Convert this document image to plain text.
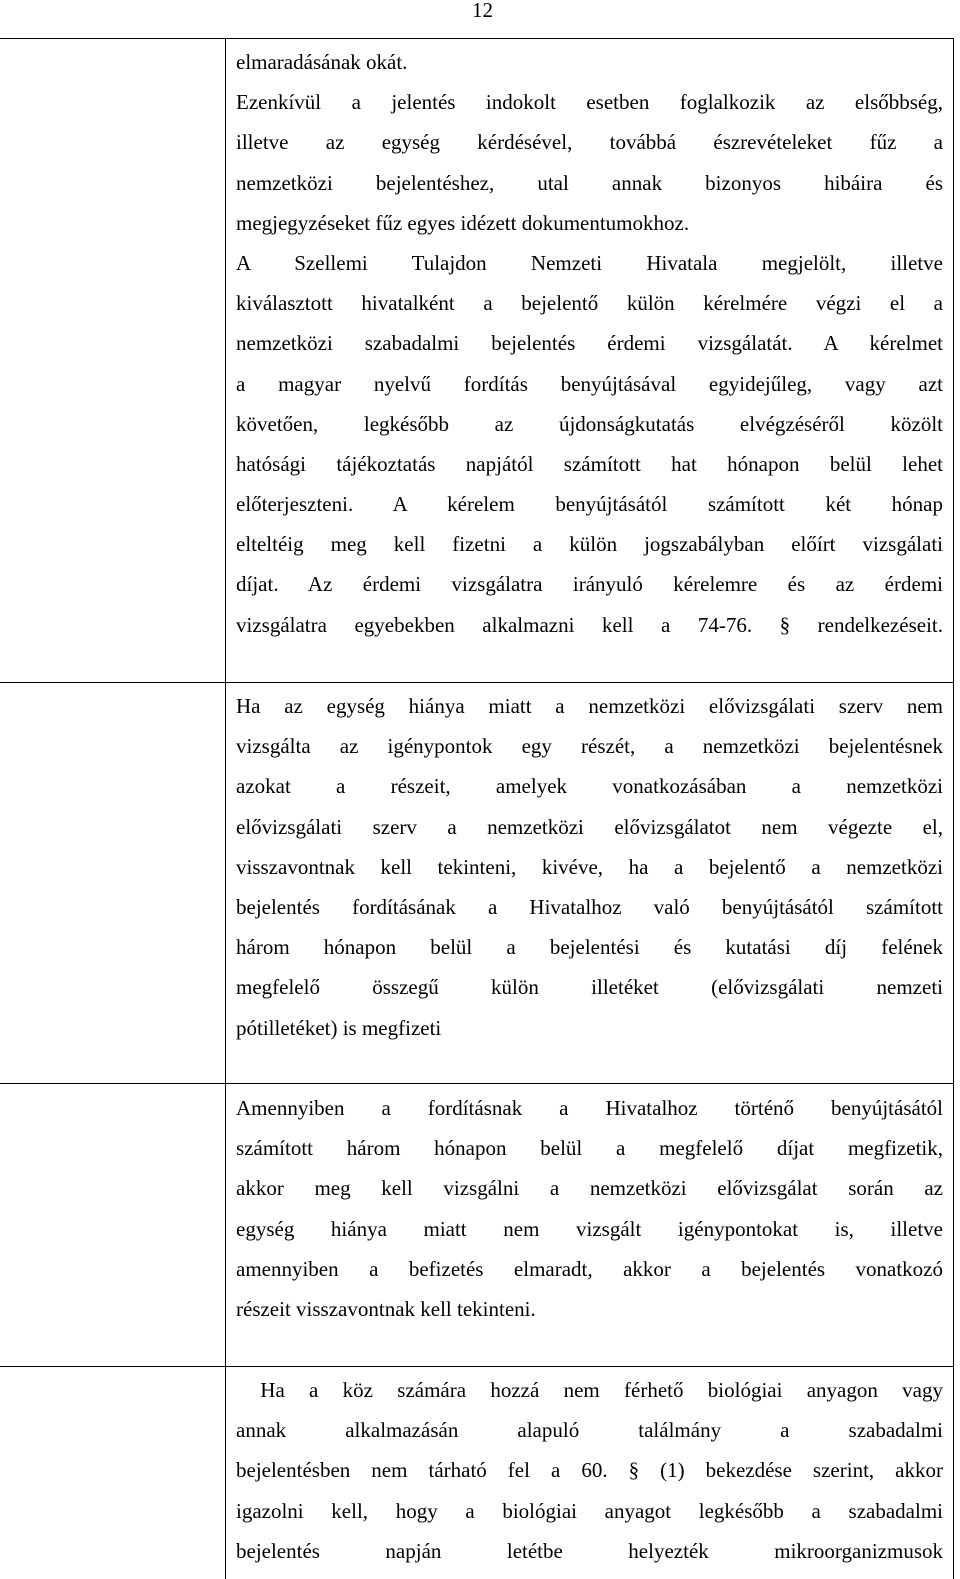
12
elmaradásának okát.
Ezenkívül a jelentés indokolt esetben foglalkozik az elsőbbség,
illetve az egység kérdésével, továbbá észrevételeket fűz a
nemzetközi bejelentéshez, utal annak bizonyos hibáira és
megjegyzéseket fűz egyes idézett dokumentumokhoz.
A Szellemi Tulajdon Nemzeti Hivatala megjelölt, illetve
kiválasztott hivatalként a bejelentő külön kérelmére végzi el a
nemzetközi szabadalmi bejelentés érdemi vizsgálatát. A kérelmet
a magyar nyelvű fordítás benyújtásával egyidejűleg, vagy azt
követően, legkésőbb az újdonságkutatás elvégzéséről közölt
hatósági tájékoztatás napjától számított hat hónapon belül lehet
előterjeszteni. A kérelem benyújtásától számított két hónap
elteltéig meg kell fizetni a külön jogszabályban előírt vizsgálati
díjat. Az érdemi vizsgálatra irányuló kérelemre és az érdemi
vizsgálatra egyebekben alkalmazni kell a 74-76. § rendelkezéseit.
Ha az egység hiánya miatt a nemzetközi elővizsgálati szerv nem
vizsgálta az igénypontok egy részét, a nemzetközi bejelentésnek
azokat a részeit, amelyek vonatkozásában a nemzetközi
elővizsgálati szerv a nemzetközi elővizsgálatot nem végezte el,
visszavontnak kell tekinteni, kivéve, ha a bejelentő a nemzetközi
bejelentés fordításának a Hivatalhoz való benyújtásától számított
három hónapon belül a bejelentési és kutatási díj felének
megfelelő összegű külön illetéket (elővizsgálati nemzeti
pótilletéket) is megfizeti
Amennyiben a fordításnak a Hivatalhoz történő benyújtásától
számított három hónapon belül a megfelelő díjat megfizetik,
akkor meg kell vizsgálni a nemzetközi elővizsgálat során az
egység hiánya miatt nem vizsgált igénypontokat is, illetve
amennyiben a befizetés elmaradt, akkor a bejelentés vonatkozó
részeit visszavontnak kell tekinteni.
Ha a köz számára hozzá nem férhető biológiai anyagon vagy
annak alkalmazásán alapuló találmány a szabadalmi
bejelentésben nem tárható fel a 60. § (1) bekezdése szerint, akkor
igazolni kell, hogy a biológiai anyagot legkésőbb a szabadalmi
bejelentés napján letétbe helyezték mikroorganizmusok
